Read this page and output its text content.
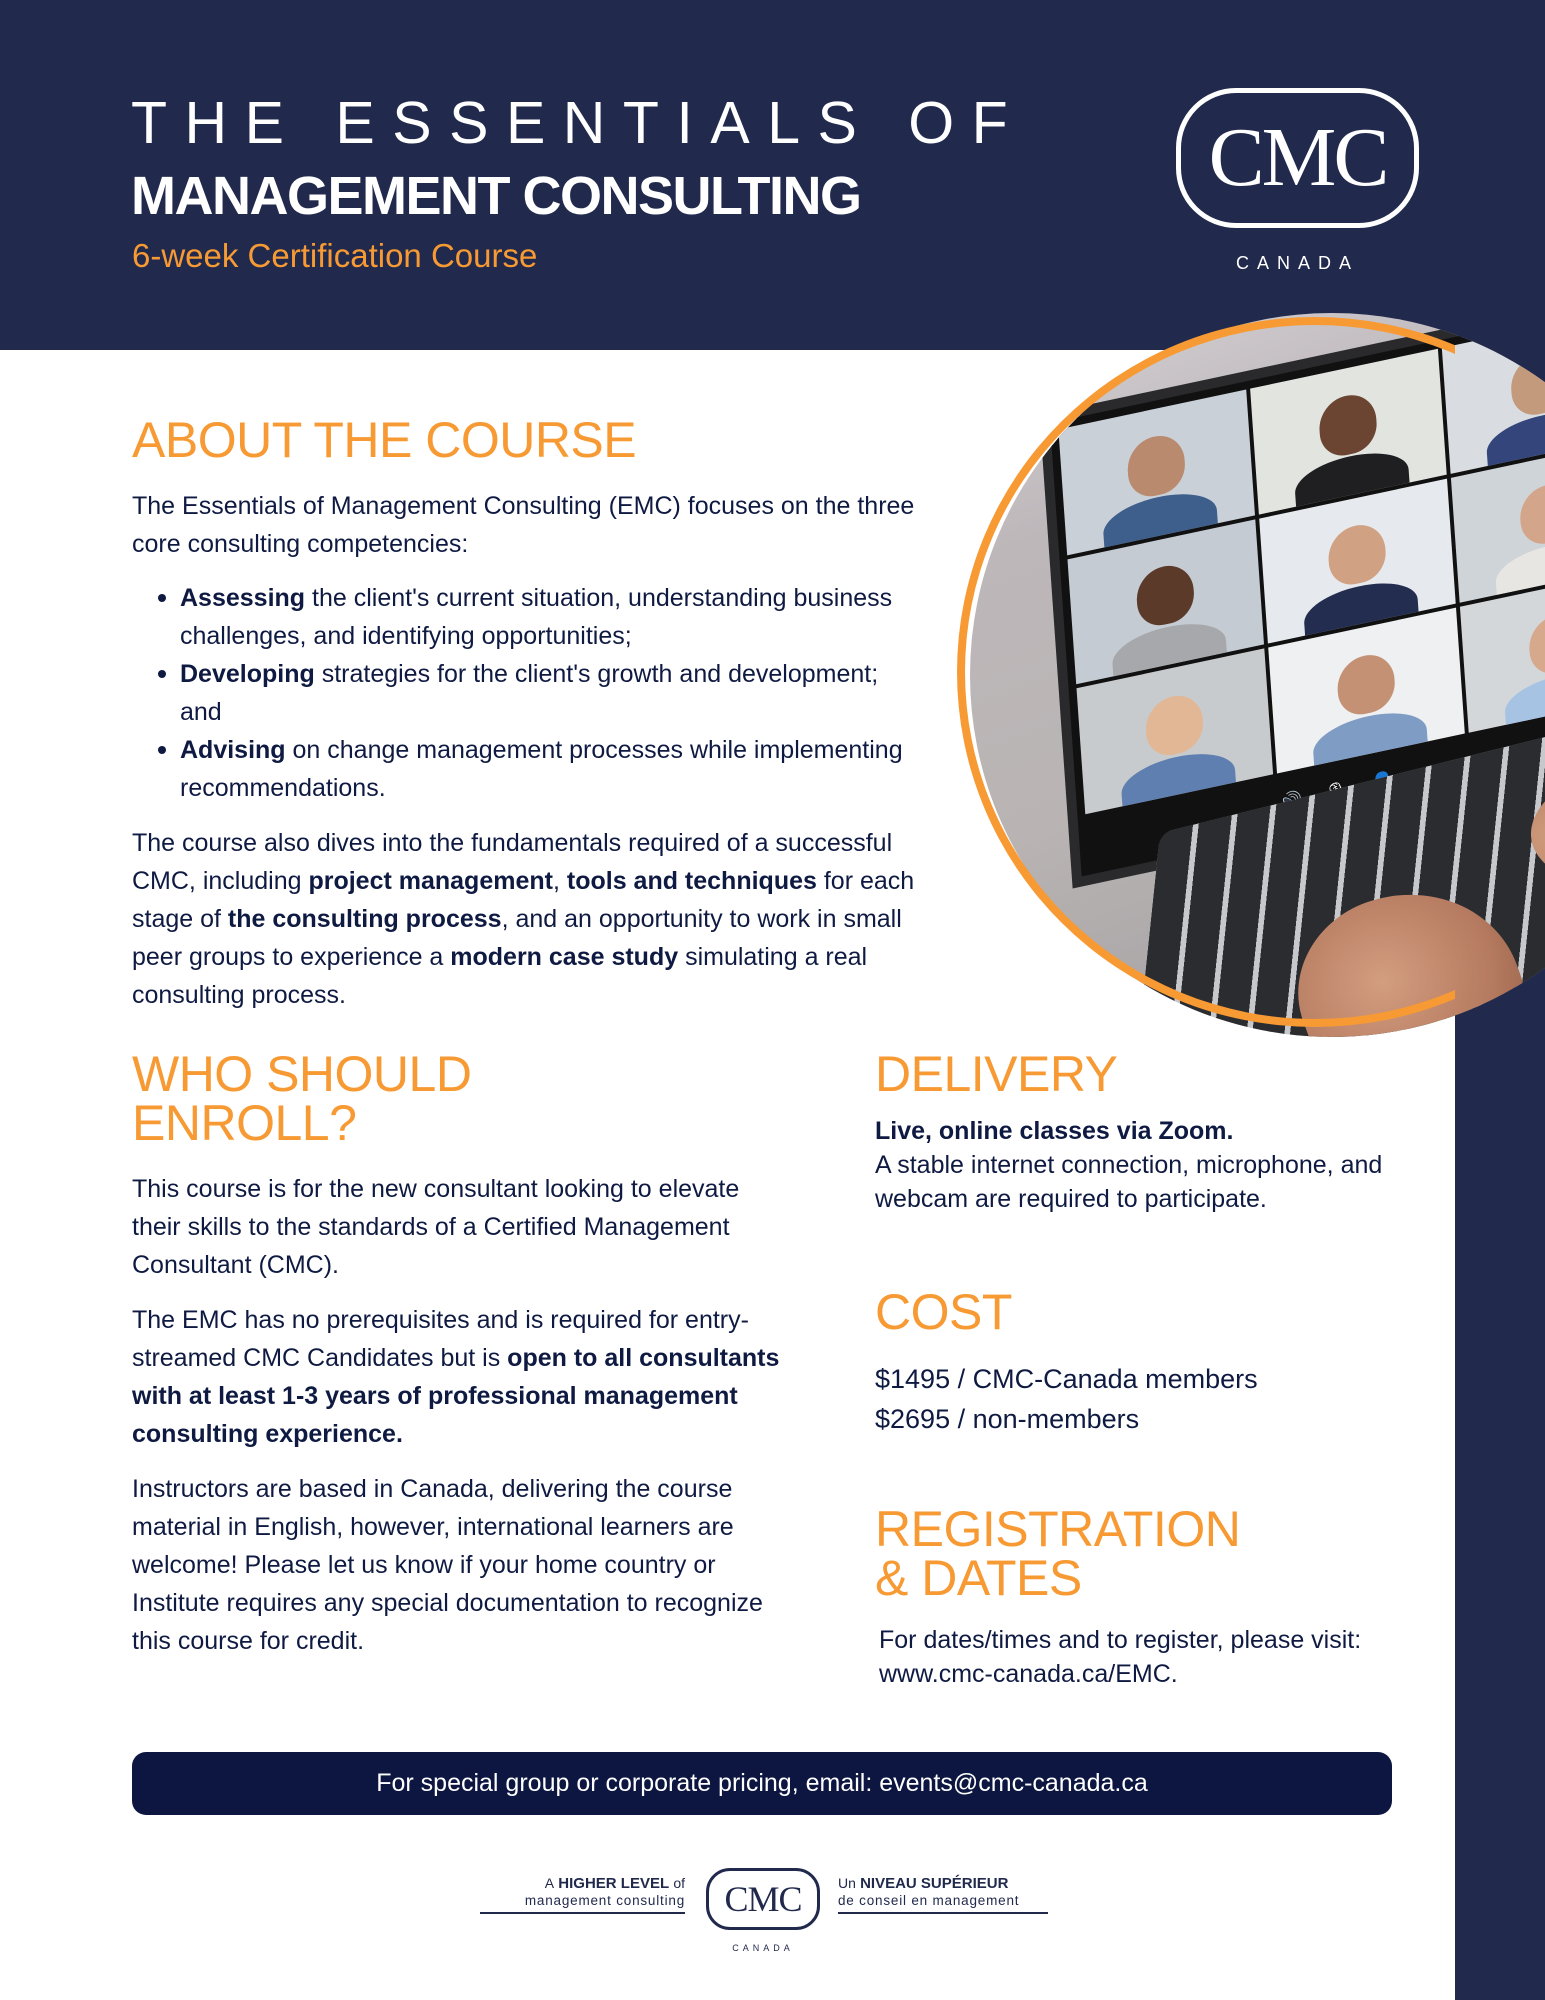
THE ESSENTIALS OF
MANAGEMENT CONSULTING
6-week Certification Course
CMC
CANADA
ABOUT THE COURSE

The Essentials of Management Consulting (EMC) focuses on the three core consulting competencies:

Assessing the client's current situation, understanding business challenges, and identifying opportunities;
Developing strategies for the client's growth and development; and
Advising on change management processes while implementing recommendations.

The course also dives into the fundamentals required of a successful CMC, including project management, tools and techniques for each stage of the consulting process, and an opportunity to work in small peer groups to experience a modern case study simulating a real consulting process.

WHO SHOULD
ENROLL?

This course is for the new consultant looking to elevate their skills to the standards of a Certified Management Consultant (CMC).

The EMC has no prerequisites and is required for entry-streamed CMC Candidates but is open to all consultants with at least 1-3 years of professional management consulting experience.

Instructors are based in Canada, delivering the course material in English, however, international learners are welcome! Please let us know if your home country or Institute requires any special documentation to recognize this course for credit.

DELIVERY

Live, online classes via Zoom.
A stable internet connection, microphone, and webcam are required to participate.

COST

$1495 / CMC-Canada members

$2695 / non-members

REGISTRATION
& DATES

For dates/times and to register, please visit: www.cmc-canada.ca/EMC.

For special group or corporate pricing, email: events@cmc-canada.ca
A HIGHER LEVEL of
management consulting CMC
CANADA
Un NIVEAU SUPÉRIEUR
de conseil en management
